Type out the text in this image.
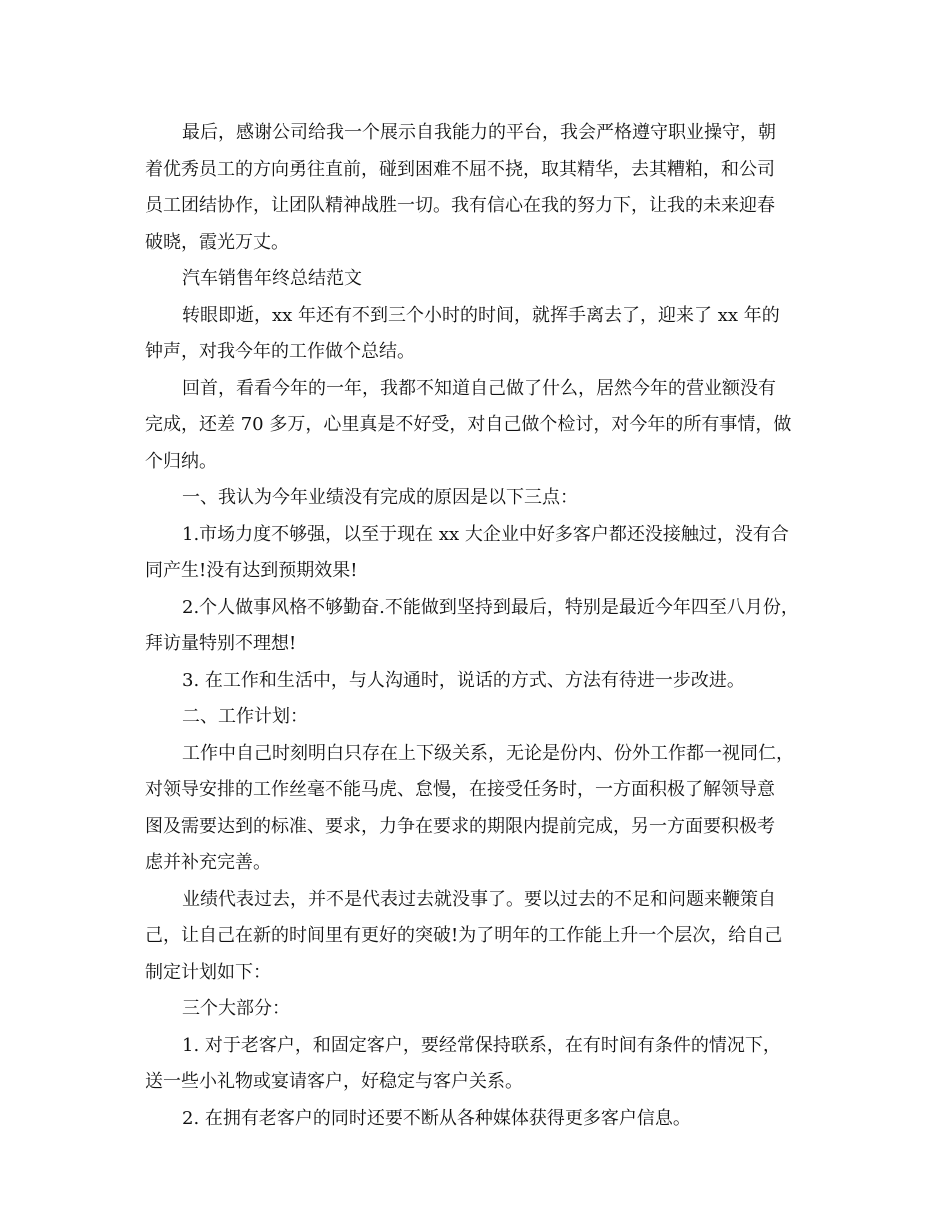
最后，感谢公司给我一个展示自我能力的平台，我会严格遵守职业操守，朝
着优秀员工的方向勇往直前，碰到困难不屈不挠，取其精华，去其糟粕，和公司
员工团结协作，让团队精神战胜一切。我有信心在我的努力下，让我的未来迎春
破晓，霞光万丈。
汽车销售年终总结范文
转眼即逝，xx 年还有不到三个小时的时间，就挥手离去了，迎来了 xx 年的
钟声，对我今年的工作做个总结。
回首，看看今年的一年，我都不知道自己做了什么，居然今年的营业额没有
完成，还差 70 多万，心里真是不好受，对自己做个检讨，对今年的所有事情，做
个归纳。
一、我认为今年业绩没有完成的原因是以下三点：
1.市场力度不够强，以至于现在 xx 大企业中好多客户都还没接触过，没有合
同产生!没有达到预期效果!
2.个人做事风格不够勤奋.不能做到坚持到最后，特别是最近今年四至八月份，
拜访量特别不理想!
3. 在工作和生活中，与人沟通时，说话的方式、方法有待进一步改进。
二、工作计划：
工作中自己时刻明白只存在上下级关系，无论是份内、份外工作都一视同仁，
对领导安排的工作丝毫不能马虎、怠慢，在接受任务时，一方面积极了解领导意
图及需要达到的标准、要求，力争在要求的期限内提前完成，另一方面要积极考
虑并补充完善。
业绩代表过去，并不是代表过去就没事了。要以过去的不足和问题来鞭策自
己，让自己在新的时间里有更好的突破!为了明年的工作能上升一个层次，给自己
制定计划如下：
三个大部分：
1. 对于老客户，和固定客户，要经常保持联系，在有时间有条件的情况下，
送一些小礼物或宴请客户，好稳定与客户关系。
2. 在拥有老客户的同时还要不断从各种媒体获得更多客户信息。
